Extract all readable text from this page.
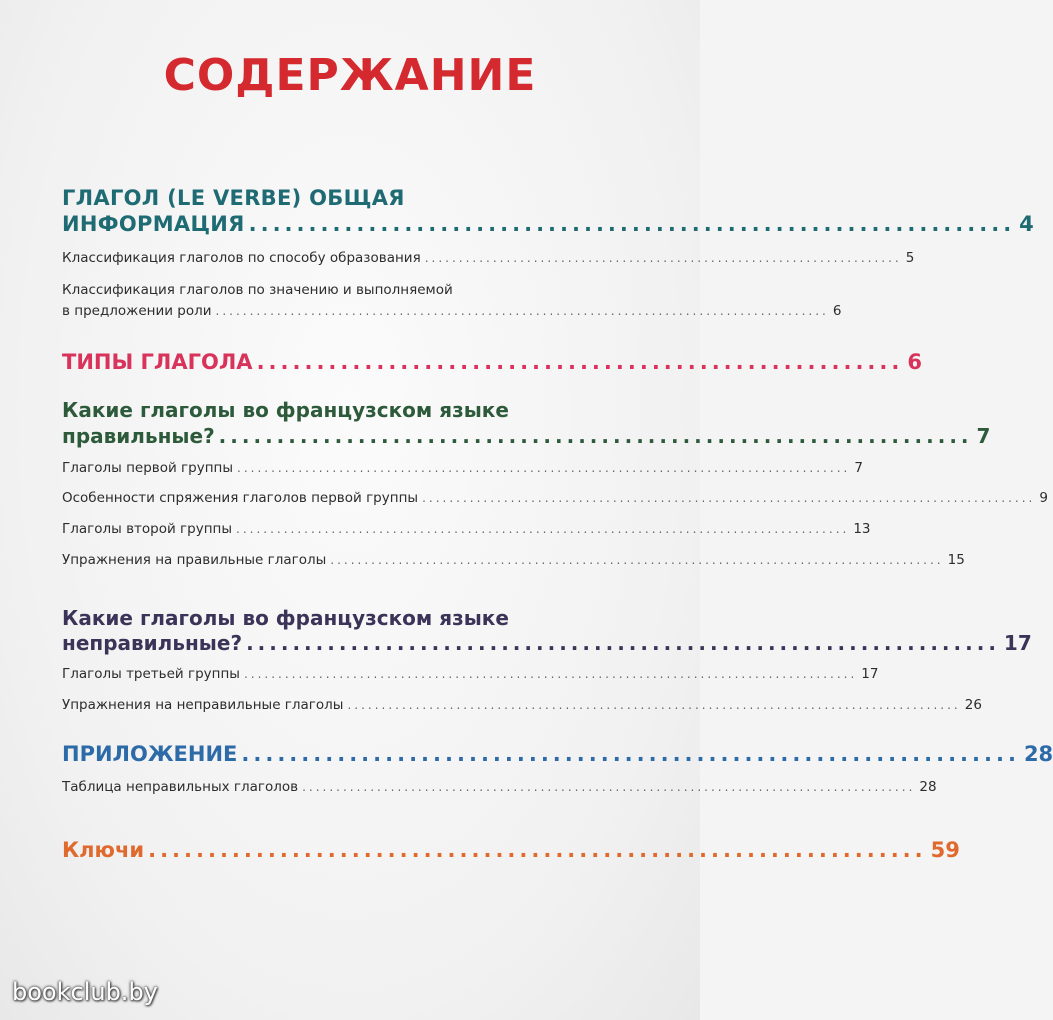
СОДЕРЖАНИЕ
ГЛАГОЛ (LE VERBE) ОБЩАЯ
ИНФОРМАЦИЯ ................................................................ 4
Классификация глаголов по способу образования ...................................................................... 5
Классификация глаголов по значению и выполняемой
в предложении роли .......................................................................................... 6
ТИПЫ ГЛАГОЛА ...................................................... 6
Какие глаголы во французском языке
правильные? ................................................................. 7
Глаголы первой группы .......................................................................................... 7
Особенности спряжения глаголов первой группы .......................................................................................... 9
Глаголы второй группы .......................................................................................... 13
Упражнения на правильные глаголы .......................................................................................... 15
Какие глаголы во французском языке
неправильные? ................................................................. 17
Глаголы третьей группы .......................................................................................... 17
Упражнения на неправильные глаголы .......................................................................................... 26
ПРИЛОЖЕНИЕ ................................................................. 28
Таблица неправильных глаголов .......................................................................................... 28
Ключи ................................................................. 59
bookclub.by
